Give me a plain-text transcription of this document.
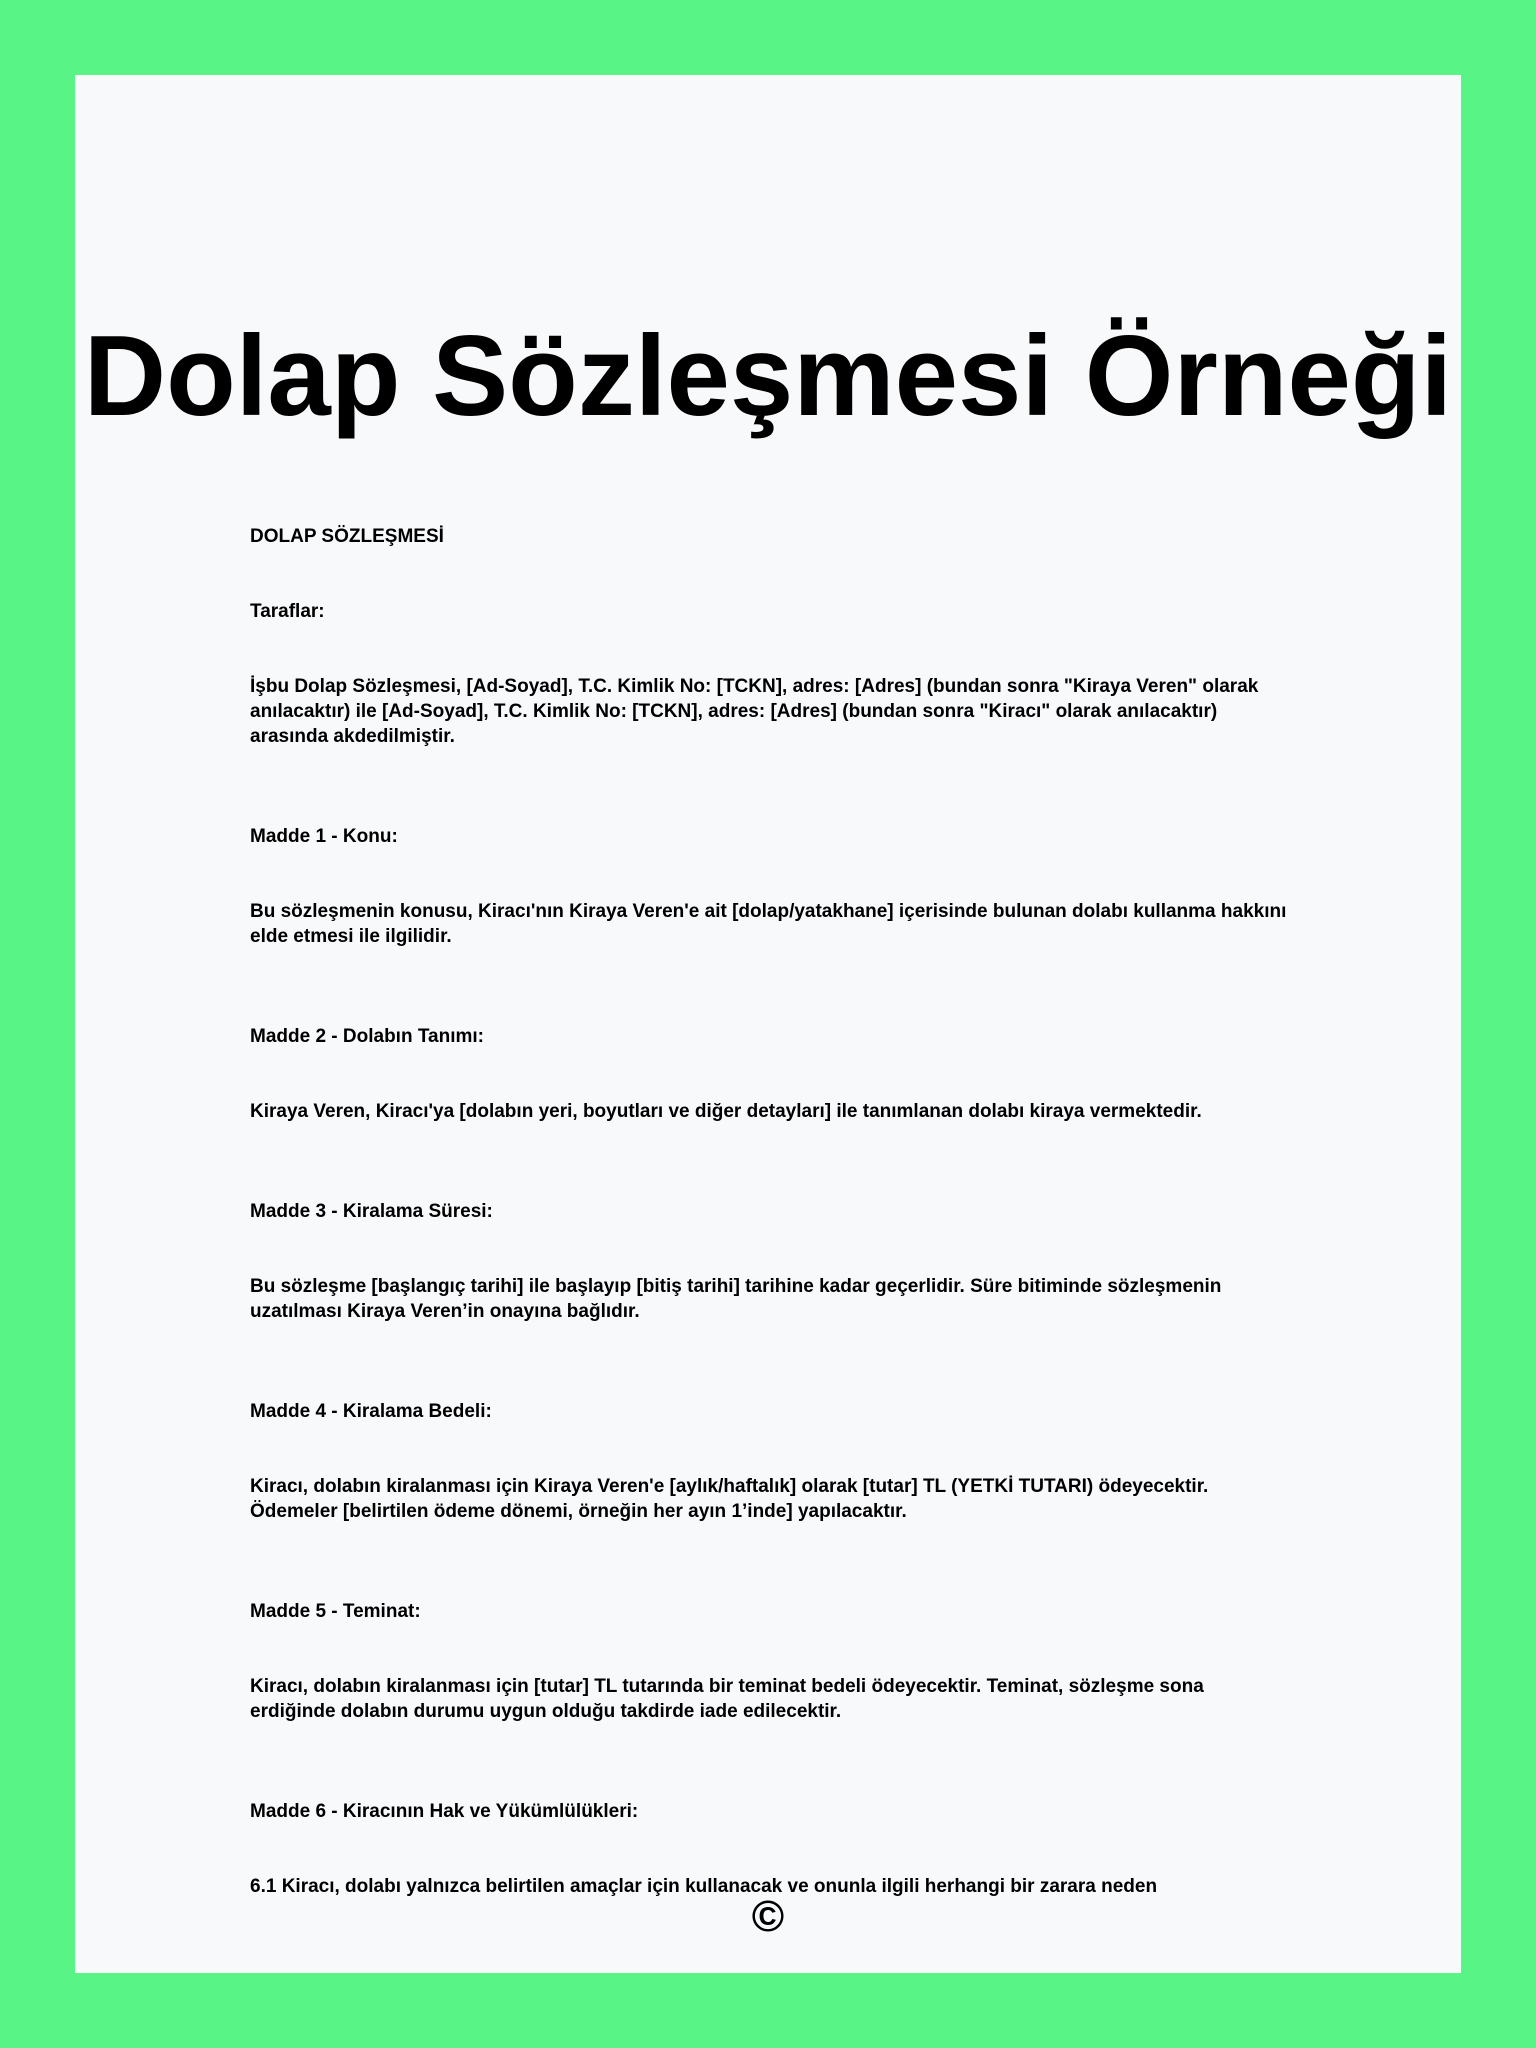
Dolap Sözleşmesi Örneği

DOLAP SÖZLEŞMESİ

Taraflar:

İşbu Dolap Sözleşmesi, [Ad-Soyad], T.C. Kimlik No: [TCKN], adres: [Adres] (bundan sonra "Kiraya Veren" olarak anılacaktır) ile [Ad-Soyad], T.C. Kimlik No: [TCKN], adres: [Adres] (bundan sonra "Kiracı" olarak anılacaktır) arasında akdedilmiştir.

Madde 1 - Konu:

Bu sözleşmenin konusu, Kiracı'nın Kiraya Veren'e ait [dolap/yatakhane] içerisinde bulunan dolabı kullanma hakkını elde etmesi ile ilgilidir.

Madde 2 - Dolabın Tanımı:

Kiraya Veren, Kiracı'ya [dolabın yeri, boyutları ve diğer detayları] ile tanımlanan dolabı kiraya vermektedir.

Madde 3 - Kiralama Süresi:

Bu sözleşme [başlangıç tarihi] ile başlayıp [bitiş tarihi] tarihine kadar geçerlidir. Süre bitiminde sözleşmenin uzatılması Kiraya Veren’in onayına bağlıdır.

Madde 4 - Kiralama Bedeli:

Kiracı, dolabın kiralanması için Kiraya Veren'e [aylık/haftalık] olarak [tutar] TL (YETKİ TUTARI) ödeyecektir. Ödemeler [belirtilen ödeme dönemi, örneğin her ayın 1’inde] yapılacaktır.

Madde 5 - Teminat:

Kiracı, dolabın kiralanması için [tutar] TL tutarında bir teminat bedeli ödeyecektir. Teminat, sözleşme sona erdiğinde dolabın durumu uygun olduğu takdirde iade edilecektir.

Madde 6 - Kiracının Hak ve Yükümlülükleri:

6.1 Kiracı, dolabı yalnızca belirtilen amaçlar için kullanacak ve onunla ilgili herhangi bir zarara neden

©
